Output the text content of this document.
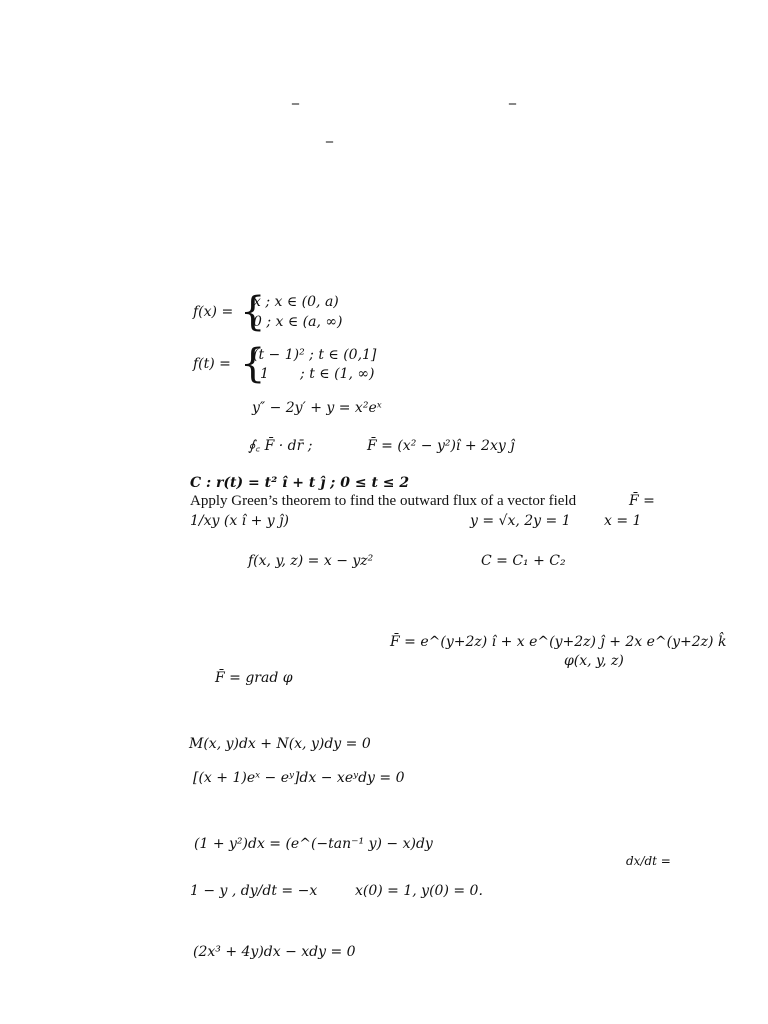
_	_
_
f(x) = {
x ; x ∈ (0, a)
0 ; x ∈ (a, ∞)
f(t) = {
(t − 1)² ; t ∈ (0,1]
1       ; t ∈ (1, ∞)
y″ − 2y′ + y = x²eˣ
∮꜀ F̄ · dr̄ ;	F̄ = (x² − y²)î + 2xy ĵ
C : r(t) = t² î + t ĵ ; 0 ≤ t ≤ 2
Apply Green’s theorem to find the outward flux of a vector field	F̄ =
1/xy (x î + y ĵ)	y = √x, 2y = 1 x = 1
f(x, y, z) = x − yz²	C = C₁ + C₂
F̄ = e^(y+2z) î + x e^(y+2z) ĵ + 2x e^(y+2z) k̂
φ(x, y, z)
F̄ = grad φ
M(x, y)dx + N(x, y)dy = 0
[(x + 1)eˣ − eʸ]dx − xeʸdy = 0
(1 + y²)dx = (e^(−tan⁻¹ y) − x)dy
dx/dt =
1 − y , dy/dt = −x	x(0) = 1, y(0) = 0.
(2x³ + 4y)dx − xdy = 0
